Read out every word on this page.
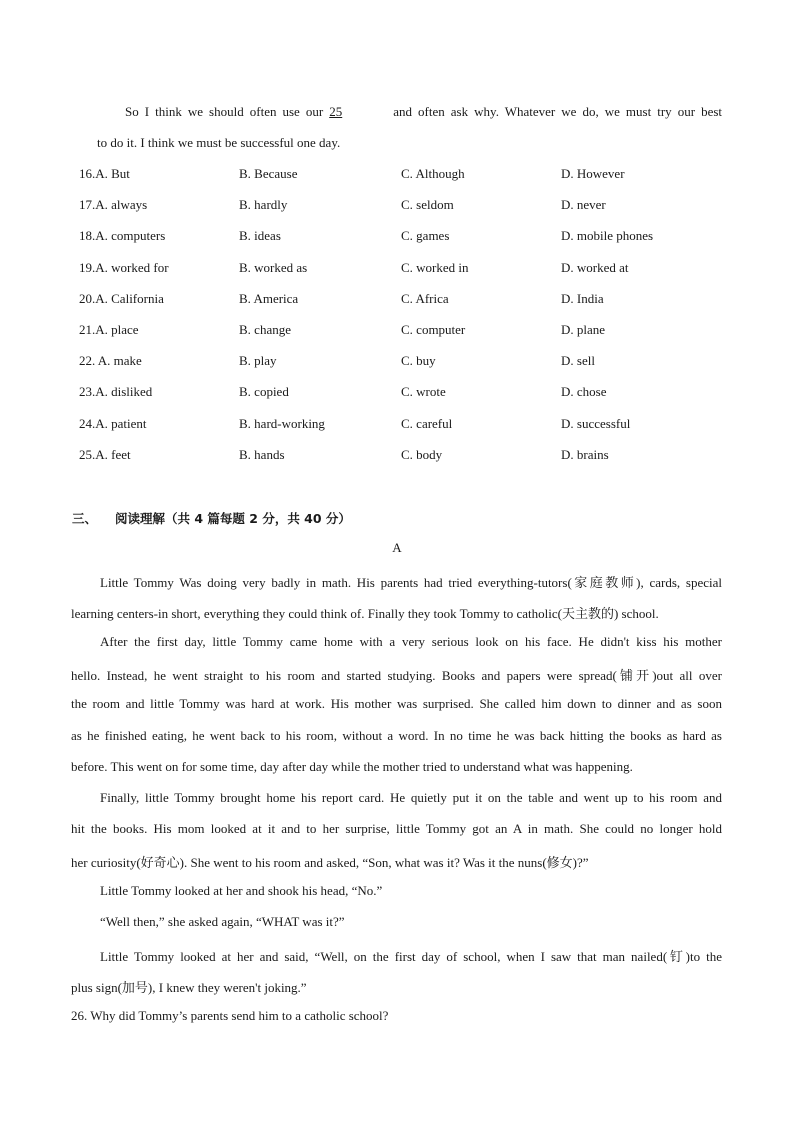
So I think we should often use our 25	and often ask why. Whatever we do, we must try our best
to do it. I think we must be successful one day.
16.A. But	B. Because	C. Although	D. However
17.A. always	B. hardly	C. seldom	D. never
18.A. computers	B. ideas	C. games	D. mobile phones
19.A. worked for	B. worked as	C. worked in	D. worked at
20.A. California	B. America	C. Africa	D. India
21.A. place	B. change	C. computer	D. plane
22. A. make	B. play	C. buy	D. sell
23.A. disliked	B. copied	C. wrote	D. chose
24.A. patient	B. hard-working	C. careful	D. successful
25.A. feet	B. hands	C. body	D. brains
三、 阅读理解（共 4 篇每题 2 分，共 40 分）
A
Little Tommy Was doing very badly in math. His parents had tried everything-tutors(家庭教师), cards, special
learning centers-in short, everything they could think of. Finally they took Tommy to catholic(天主教的) school.
After the first day, little Tommy came home with a very serious look on his face. He didn't kiss his mother
hello. Instead, he went straight to his room and started studying. Books and papers were spread(铺开)out all over
the room and little Tommy was hard at work. His mother was surprised. She called him down to dinner and as soon
as he finished eating, he went back to his room, without a word. In no time he was back hitting the books as hard as
before. This went on for some time, day after day while the mother tried to understand what was happening.
Finally, little Tommy brought home his report card. He quietly put it on the table and went up to his room and
hit the books. His mom looked at it and to her surprise, little Tommy got an A in math. She could no longer hold
her curiosity(好奇心). She went to his room and asked, “Son, what was it? Was it the nuns(修女)?”
Little Tommy looked at her and shook his head, “No.”
“Well then,” she asked again, “WHAT was it?”
Little Tommy looked at her and said, “Well, on the first day of school, when I saw that man nailed(钉)to the
plus sign(加号), I knew they weren't joking.”
26. Why did Tommy’s parents send him to a catholic school?
